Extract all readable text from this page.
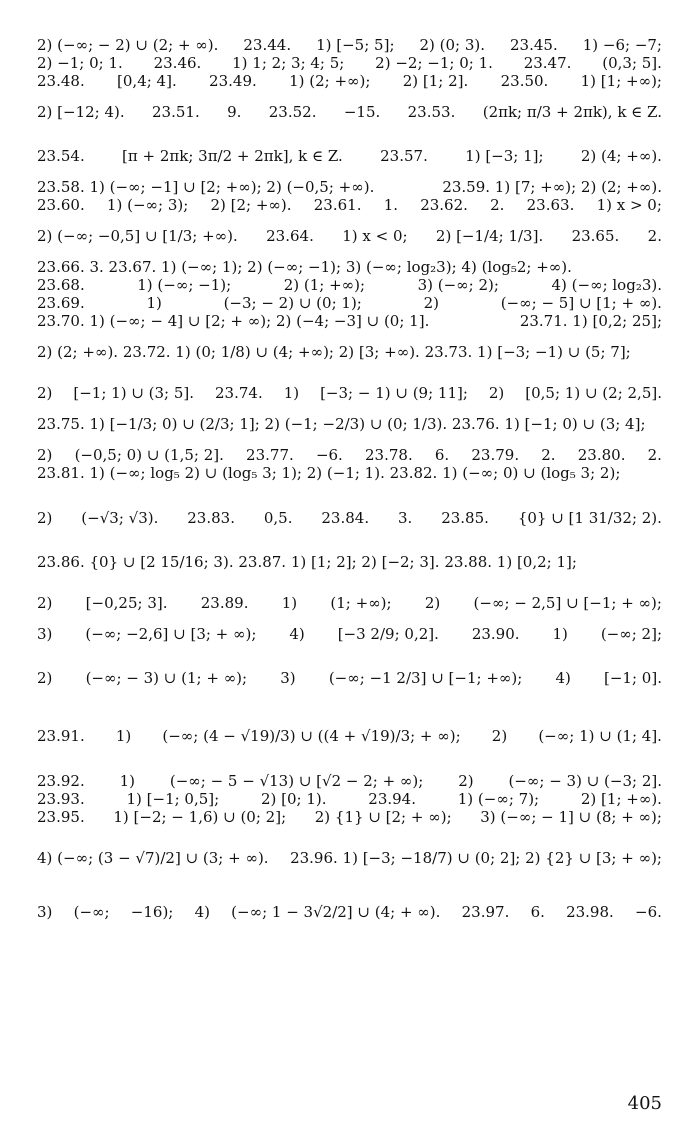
2) (−∞; − 2) ∪ (2; + ∞). 23.44. 1) [−5; 5]; 2) (0; 3). 23.45. 1) −6; −7;
2) −1; 0; 1. 23.46. 1) 1; 2; 3; 4; 5; 2) −2; −1; 0; 1. 23.47. (0,3; 5].
23.48. [0,4; 4]. 23.49. 1) (2; +∞); 2) [1; 2]. 23.50. 1) [1; +∞);
2) [−12; 4). 23.51. 9. 23.52. −15. 23.53. (2πk; π/3 + 2πk), k ∈ Z.
23.54. [π + 2πk; 3π/2 + 2πk], k ∈ Z. 23.57. 1) [−3; 1]; 2) (4; +∞).
23.58. 1) (−∞; −1] ∪ [2; +∞); 2) (−0,5; +∞).	23.59. 1) [7; +∞); 2) (2; +∞).
23.60. 1) (−∞; 3); 2) [2; +∞). 23.61. 1. 23.62. 2. 23.63. 1) x > 0;
2) (−∞; −0,5] ∪ [1/3; +∞). 23.64. 1) x < 0; 2) [−1/4; 1/3]. 23.65. 2.
23.66. 3. 23.67. 1) (−∞; 1); 2) (−∞; −1); 3) (−∞; log₂3); 4) (log₅2; +∞).
23.68.	1) (−∞; −1);	2) (1; +∞);	3) (−∞; 2);	4) (−∞; log₂3).
23.69.	1)	(−3; − 2) ∪ (0; 1);	2)	(−∞; − 5] ∪ [1; + ∞).
23.70. 1) (−∞; − 4] ∪ [2; + ∞); 2) (−4; −3] ∪ (0; 1].	23.71. 1) [0,2; 25];
2) (2; +∞). 23.72. 1) (0; 1/8) ∪ (4; +∞); 2) [3; +∞). 23.73. 1) [−3; −1) ∪ (5; 7];
2) [−1; 1) ∪ (3; 5]. 23.74. 1) [−3; − 1) ∪ (9; 11]; 2) [0,5; 1) ∪ (2; 2,5].
23.75. 1) [−1/3; 0) ∪ (2/3; 1]; 2) (−1; −2/3) ∪ (0; 1/3). 23.76. 1) [−1; 0) ∪ (3; 4];
2) (−0,5; 0) ∪ (1,5; 2]. 23.77. −6. 23.78. 6. 23.79. 2. 23.80. 2.
23.81. 1) (−∞; log₅ 2) ∪ (log₅ 3; 1); 2) (−1; 1). 23.82. 1) (−∞; 0) ∪ (log₅ 3; 2);
2) (−√3; √3). 23.83. 0,5. 23.84. 3. 23.85. {0} ∪ [1 31/32; 2).
23.86. {0} ∪ [2 15/16; 3). 23.87. 1) [1; 2]; 2) [−2; 3]. 23.88. 1) [0,2; 1];
2) [−0,25; 3]. 23.89. 1) (1; +∞); 2) (−∞; − 2,5] ∪ [−1; + ∞);
3) (−∞; −2,6] ∪ [3; + ∞); 4) [−3 2/9; 0,2]. 23.90. 1) (−∞; 2];
2) (−∞; − 3) ∪ (1; + ∞); 3) (−∞; −1 2/3] ∪ [−1; +∞); 4) [−1; 0].
23.91. 1) (−∞; (4 − √19)/3) ∪ ((4 + √19)/3; + ∞); 2) (−∞; 1) ∪ (1; 4].
23.92. 1) (−∞; − 5 − √13) ∪ [√2 − 2; + ∞); 2) (−∞; − 3) ∪ (−3; 2].
23.93.	1) [−1; 0,5];	2) [0; 1).	23.94.	1) (−∞; 7);	2) [1; +∞).
23.95. 1) [−2; − 1,6) ∪ (0; 2]; 2) {1} ∪ [2; + ∞); 3) (−∞; − 1] ∪ (8; + ∞);
4) (−∞; (3 − √7)/2] ∪ (3; + ∞). 23.96. 1) [−3; −18/7) ∪ (0; 2]; 2) {2} ∪ [3; + ∞);
3) (−∞; −16); 4) (−∞; 1 − 3√2/2] ∪ (4; + ∞). 23.97. 6. 23.98. −6.
405
